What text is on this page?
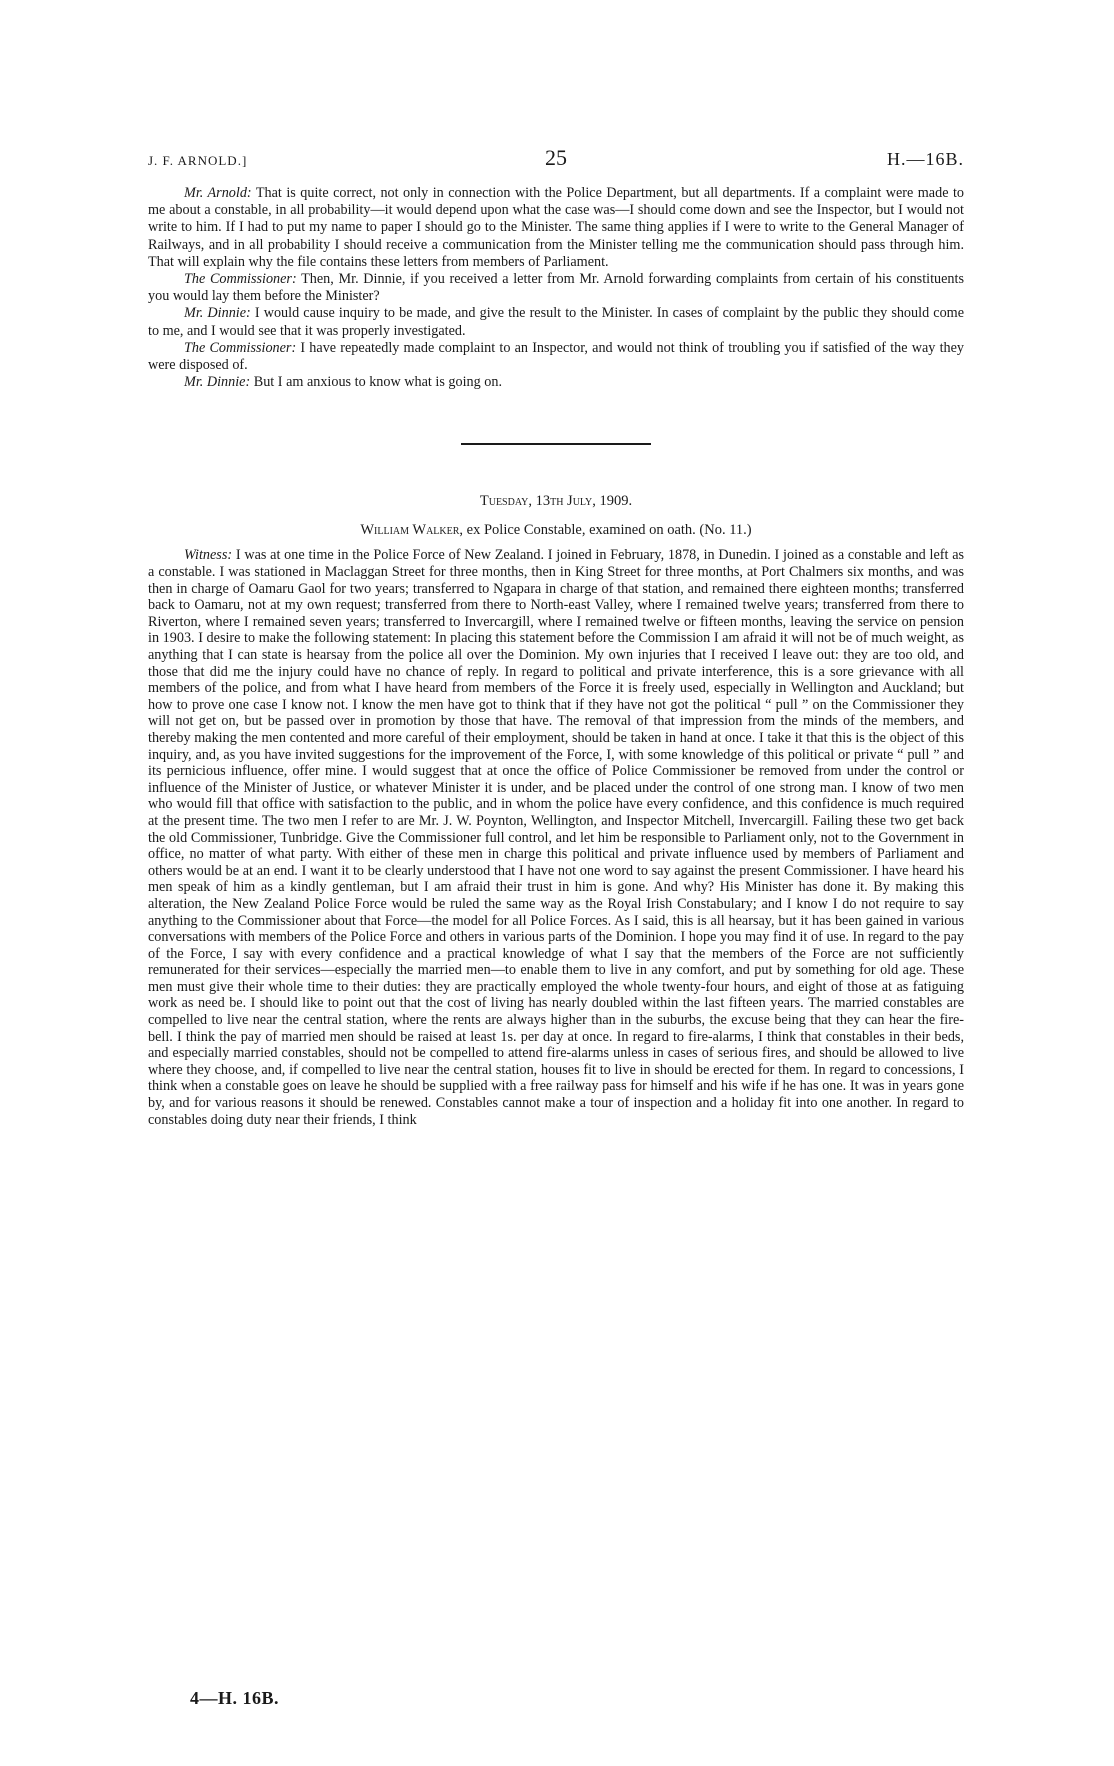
J. F. ARNOLD.]	25	H.—16B.

Mr. Arnold: That is quite correct, not only in connection with the Police Department, but all departments. If a complaint were made to me about a constable, in all probability—it would depend upon what the case was—I should come down and see the Inspector, but I would not write to him. If I had to put my name to paper I should go to the Minister. The same thing applies if I were to write to the General Manager of Railways, and in all probability I should receive a communication from the Minister telling me the communication should pass through him. That will explain why the file contains these letters from members of Parliament.

The Commissioner: Then, Mr. Dinnie, if you received a letter from Mr. Arnold forwarding complaints from certain of his constituents you would lay them before the Minister?

Mr. Dinnie: I would cause inquiry to be made, and give the result to the Minister. In cases of complaint by the public they should come to me, and I would see that it was properly investigated.

The Commissioner: I have repeatedly made complaint to an Inspector, and would not think of troubling you if satisfied of the way they were disposed of.

Mr. Dinnie: But I am anxious to know what is going on.

Tuesday, 13th July, 1909.
William Walker, ex Police Constable, examined on oath. (No. 11.)

Witness: I was at one time in the Police Force of New Zealand. I joined in February, 1878, in Dunedin. I joined as a constable and left as a constable. I was stationed in Maclaggan Street for three months, then in King Street for three months, at Port Chalmers six months, and was then in charge of Oamaru Gaol for two years; transferred to Ngapara in charge of that station, and remained there eighteen months; transferred back to Oamaru, not at my own request; transferred from there to North-east Valley, where I remained twelve years; transferred from there to Riverton, where I remained seven years; transferred to Invercargill, where I remained twelve or fifteen months, leaving the service on pension in 1903. I desire to make the following statement: In placing this statement before the Commission I am afraid it will not be of much weight, as anything that I can state is hearsay from the police all over the Dominion. My own injuries that I received I leave out: they are too old, and those that did me the injury could have no chance of reply. In regard to political and private interference, this is a sore grievance with all members of the police, and from what I have heard from members of the Force it is freely used, especially in Wellington and Auckland; but how to prove one case I know not. I know the men have got to think that if they have not got the political “ pull ” on the Commissioner they will not get on, but be passed over in promotion by those that have. The removal of that impression from the minds of the members, and thereby making the men contented and more careful of their employment, should be taken in hand at once. I take it that this is the object of this inquiry, and, as you have invited suggestions for the improvement of the Force, I, with some knowledge of this political or private “ pull ” and its pernicious influence, offer mine. I would suggest that at once the office of Police Commissioner be removed from under the control or influence of the Minister of Justice, or whatever Minister it is under, and be placed under the control of one strong man. I know of two men who would fill that office with satisfaction to the public, and in whom the police have every confidence, and this confidence is much required at the present time. The two men I refer to are Mr. J. W. Poynton, Wellington, and Inspector Mitchell, Invercargill. Failing these two get back the old Commissioner, Tunbridge. Give the Commissioner full control, and let him be responsible to Parliament only, not to the Government in office, no matter of what party. With either of these men in charge this political and private influence used by members of Parliament and others would be at an end. I want it to be clearly understood that I have not one word to say against the present Commissioner. I have heard his men speak of him as a kindly gentleman, but I am afraid their trust in him is gone. And why? His Minister has done it. By making this alteration, the New Zealand Police Force would be ruled the same way as the Royal Irish Constabulary; and I know I do not require to say anything to the Commissioner about that Force—the model for all Police Forces. As I said, this is all hearsay, but it has been gained in various conversations with members of the Police Force and others in various parts of the Dominion. I hope you may find it of use. In regard to the pay of the Force, I say with every confidence and a practical knowledge of what I say that the members of the Force are not sufficiently remunerated for their services—especially the married men—to enable them to live in any comfort, and put by something for old age. These men must give their whole time to their duties: they are practically employed the whole twenty-four hours, and eight of those at as fatiguing work as need be. I should like to point out that the cost of living has nearly doubled within the last fifteen years. The married constables are compelled to live near the central station, where the rents are always higher than in the suburbs, the excuse being that they can hear the fire-bell. I think the pay of married men should be raised at least 1s. per day at once. In regard to fire-alarms, I think that constables in their beds, and especially married constables, should not be compelled to attend fire-alarms unless in cases of serious fires, and should be allowed to live where they choose, and, if compelled to live near the central station, houses fit to live in should be erected for them. In regard to concessions, I think when a constable goes on leave he should be supplied with a free railway pass for himself and his wife if he has one. It was in years gone by, and for various reasons it should be renewed. Constables cannot make a tour of inspection and a holiday fit into one another. In regard to constables doing duty near their friends, I think

4—H. 16B.
